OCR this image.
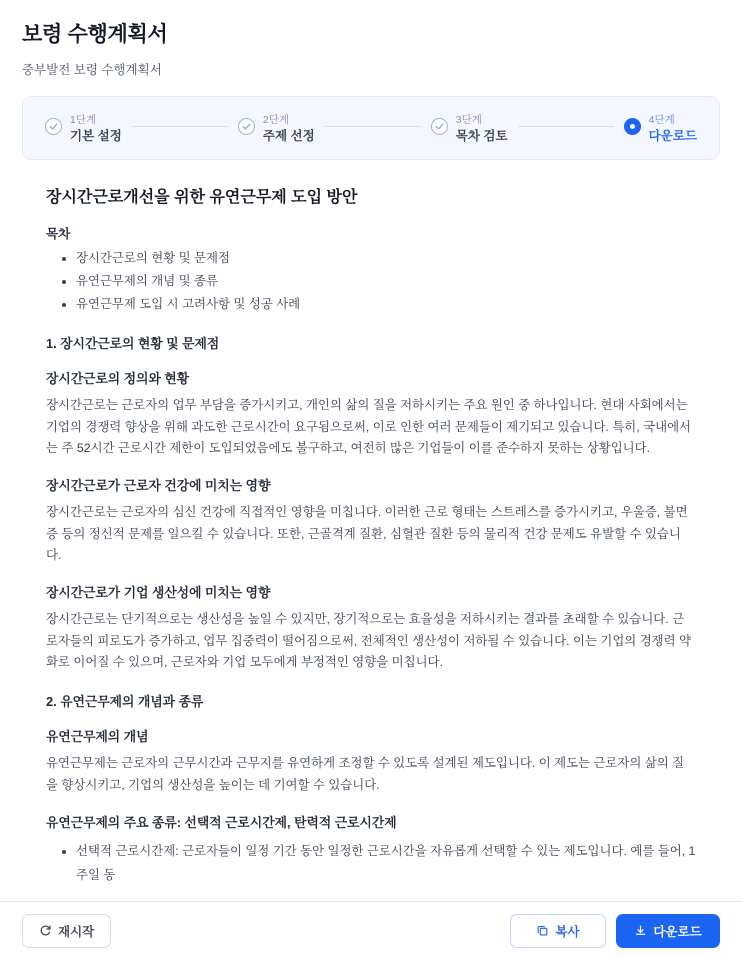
보령 수행계획서
중부발전 보령 수행계획서
1단계
기본 설정
2단계
주제 선정
3단계
목차 검토
4단계
다운로드
장시간근로개선을 위한 유연근무제 도입 방안
목차
• 장시간근로의 현황 및 문제점
• 유연근무제의 개념 및 종류
• 유연근무제 도입 시 고려사항 및 성공 사례
1. 장시간근로의 현황 및 문제점
장시간근로의 정의와 현황

장시간근로는 근로자의 업무 부담을 증가시키고, 개인의 삶의 질을 저하시키는 주요 원인 중 하나입니다. 현대 사회에서는 기업의 경쟁력 향상을 위해 과도한 근로시간이 요구됨으로써, 이로 인한 여러 문제들이 제기되고 있습니다. 특히, 국내에서는 주 52시간 근로시간 제한이 도입되었음에도 불구하고, 여전히 많은 기업들이 이를 준수하지 못하는 상황입니다.

장시간근로가 근로자 건강에 미치는 영향

장시간근로는 근로자의 심신 건강에 직접적인 영향을 미칩니다. 이러한 근로 형태는 스트레스를 증가시키고, 우울증, 불면증 등의 정신적 문제를 일으킬 수 있습니다. 또한, 근골격계 질환, 심혈관 질환 등의 물리적 건강 문제도 유발할 수 있습니다.

장시간근로가 기업 생산성에 미치는 영향

장시간근로는 단기적으로는 생산성을 높일 수 있지만, 장기적으로는 효율성을 저하시키는 결과를 초래할 수 있습니다. 근로자들의 피로도가 증가하고, 업무 집중력이 떨어짐으로써, 전체적인 생산성이 저하될 수 있습니다. 이는 기업의 경쟁력 약화로 이어질 수 있으며, 근로자와 기업 모두에게 부정적인 영향을 미칩니다.

2. 유연근무제의 개념과 종류
유연근무제의 개념

유연근무제는 근로자의 근무시간과 근무지를 유연하게 조정할 수 있도록 설계된 제도입니다. 이 제도는 근로자의 삶의 질을 향상시키고, 기업의 생산성을 높이는 데 기여할 수 있습니다.

유연근무제의 주요 종류: 선택적 근로시간제, 탄력적 근로시간제
• 선택적 근로시간제: 근로자들이 일정 기간 동안 일정한 근로시간을 자유롭게 선택할 수 있는 제도입니다. 예를 들어, 1주일 동
재시작	복사	다운로드
